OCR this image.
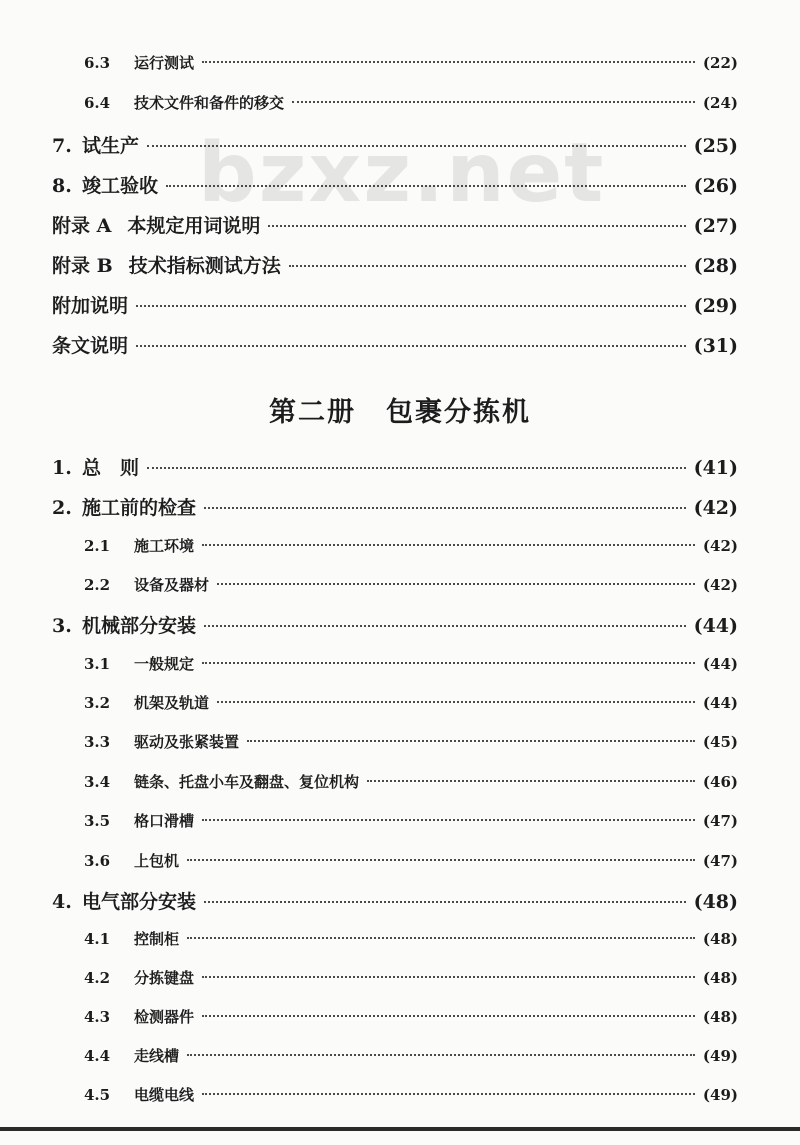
bzxz.net
6.3	运行测试	(22)
6.4	技术文件和备件的移交	(24)
7. 试生产	(25)
8. 竣工验收	(26)
附录 A 本规定用词说明	(27)
附录 B 技术指标测试方法	(28)
附加说明	(29)
条文说明	(31)
第二册 包裹分拣机
1. 总　则	(41)
2. 施工前的检查	(42)
2.1	施工环境	(42)
2.2	设备及器材	(42)
3. 机械部分安装	(44)
3.1	一般规定	(44)
3.2	机架及轨道	(44)
3.3	驱动及张紧装置	(45)
3.4	链条、托盘小车及翻盘、复位机构	(46)
3.5	格口滑槽	(47)
3.6	上包机	(47)
4. 电气部分安装	(48)
4.1	控制柜	(48)
4.2	分拣键盘	(48)
4.3	检测器件	(48)
4.4	走线槽	(49)
4.5	电缆电线	(49)
